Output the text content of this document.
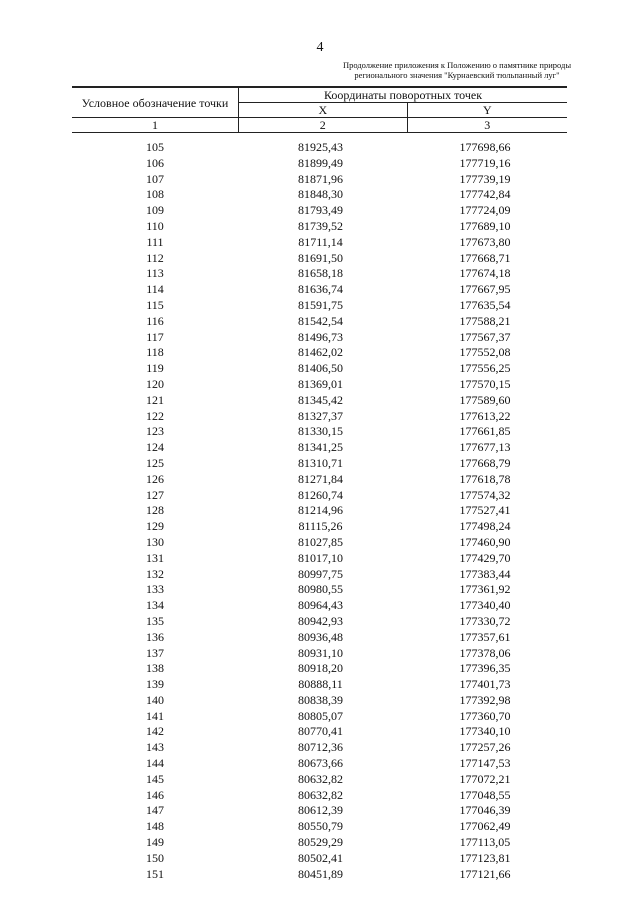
4
Продолжение приложения к Положению о памятнике природы
регионального значения "Курнаевский тюльпанный луг"
Условное обозначение точки	Координаты поворотных точек	
	X	Y
1	2	3
105	81925,43	177698,66
106	81899,49	177719,16
107	81871,96	177739,19
108	81848,30	177742,84
109	81793,49	177724,09
110	81739,52	177689,10
111	81711,14	177673,80
112	81691,50	177668,71
113	81658,18	177674,18
114	81636,74	177667,95
115	81591,75	177635,54
116	81542,54	177588,21
117	81496,73	177567,37
118	81462,02	177552,08
119	81406,50	177556,25
120	81369,01	177570,15
121	81345,42	177589,60
122	81327,37	177613,22
123	81330,15	177661,85
124	81341,25	177677,13
125	81310,71	177668,79
126	81271,84	177618,78
127	81260,74	177574,32
128	81214,96	177527,41
129	81115,26	177498,24
130	81027,85	177460,90
131	81017,10	177429,70
132	80997,75	177383,44
133	80980,55	177361,92
134	80964,43	177340,40
135	80942,93	177330,72
136	80936,48	177357,61
137	80931,10	177378,06
138	80918,20	177396,35
139	80888,11	177401,73
140	80838,39	177392,98
141	80805,07	177360,70
142	80770,41	177340,10
143	80712,36	177257,26
144	80673,66	177147,53
145	80632,82	177072,21
146	80632,82	177048,55
147	80612,39	177046,39
148	80550,79	177062,49
149	80529,29	177113,05
150	80502,41	177123,81
151	80451,89	177121,66
